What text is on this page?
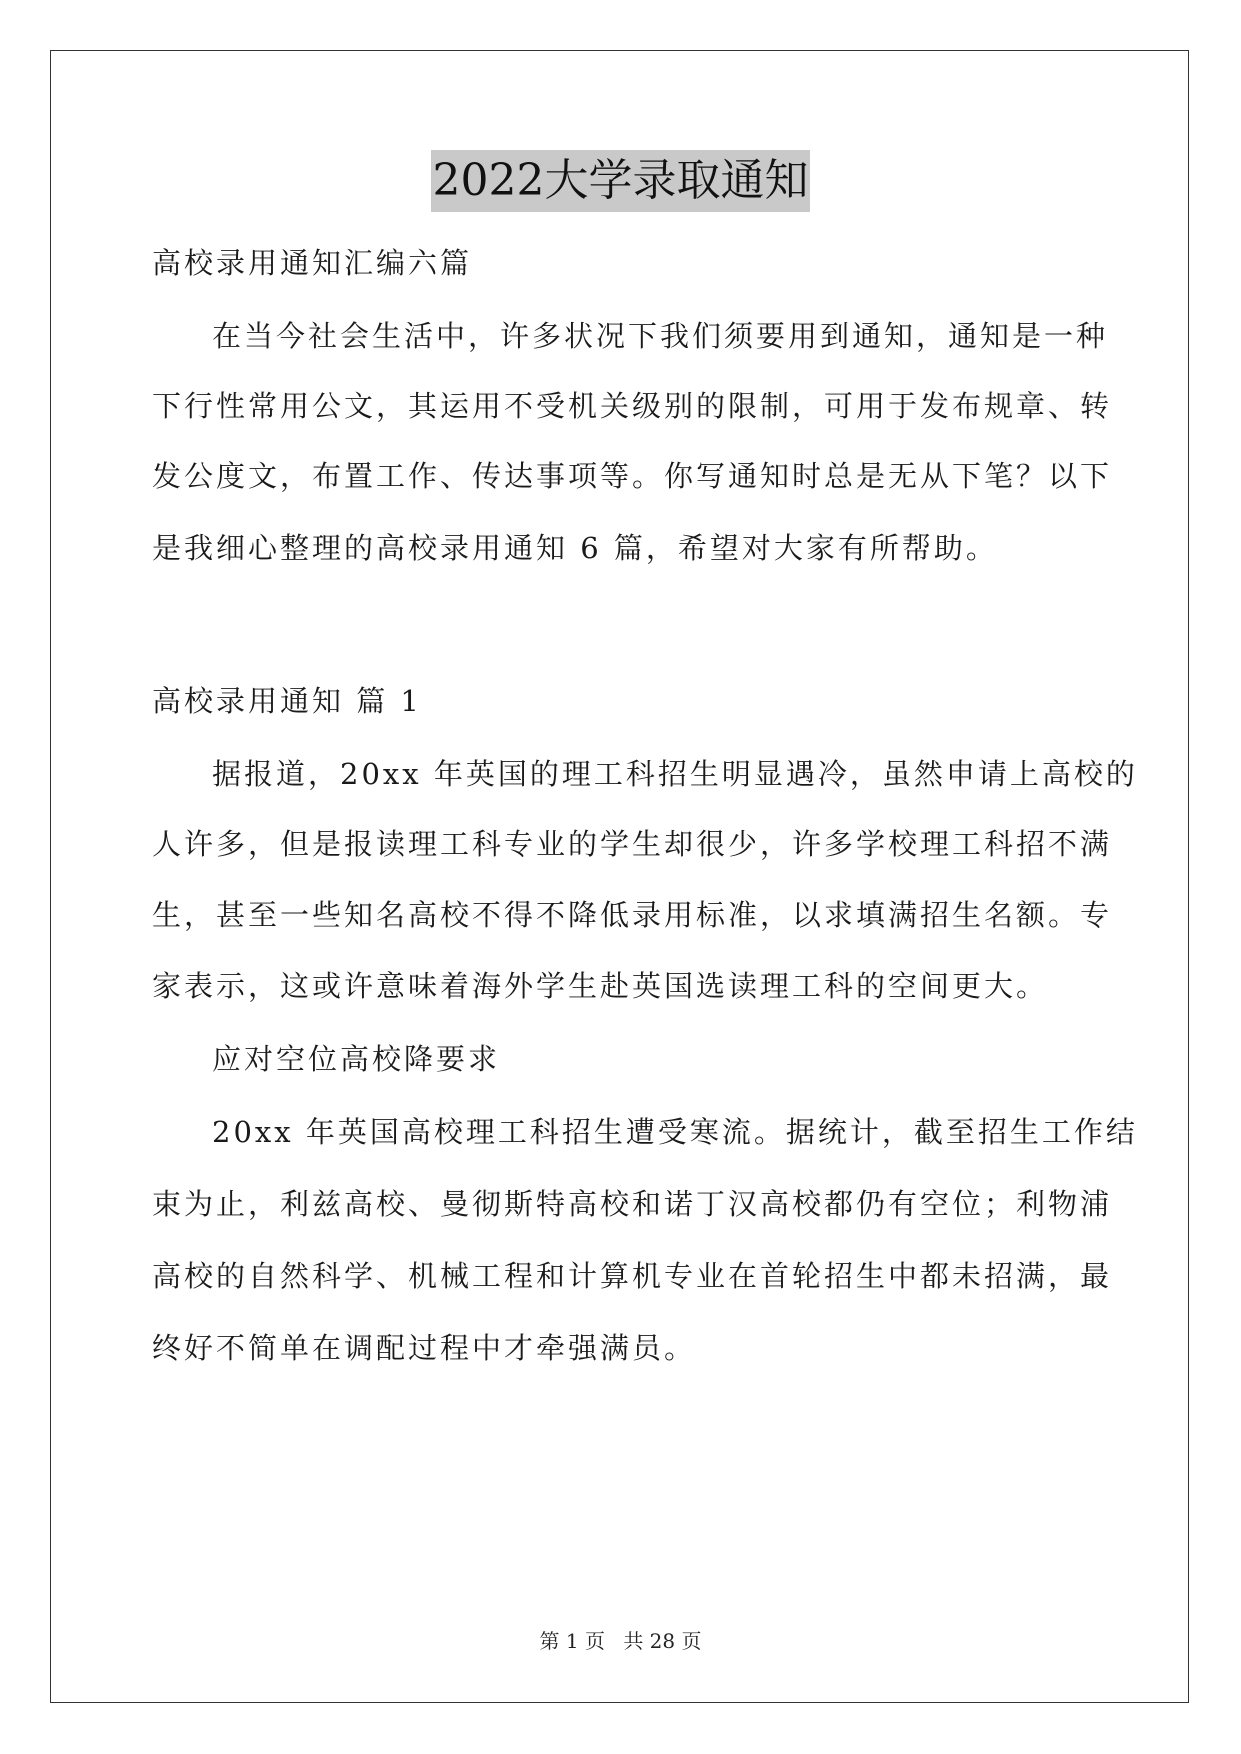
2022大学录取通知
高校录用通知汇编六篇
在当今社会生活中，许多状况下我们须要用到通知，通知是一种
下行性常用公文，其运用不受机关级别的限制，可用于发布规章、转
发公度文，布置工作、传达事项等。你写通知时总是无从下笔？以下
是我细心整理的高校录用通知 6 篇，希望对大家有所帮助。
高校录用通知 篇 1
据报道，20xx 年英国的理工科招生明显遇冷，虽然申请上高校的
人许多，但是报读理工科专业的学生却很少，许多学校理工科招不满
生，甚至一些知名高校不得不降低录用标准，以求填满招生名额。专
家表示，这或许意味着海外学生赴英国选读理工科的空间更大。
应对空位高校降要求
20xx 年英国高校理工科招生遭受寒流。据统计，截至招生工作结
束为止，利兹高校、曼彻斯特高校和诺丁汉高校都仍有空位；利物浦
高校的自然科学、机械工程和计算机专业在首轮招生中都未招满，最
终好不简单在调配过程中才牵强满员。
第 1 页 共 28 页
